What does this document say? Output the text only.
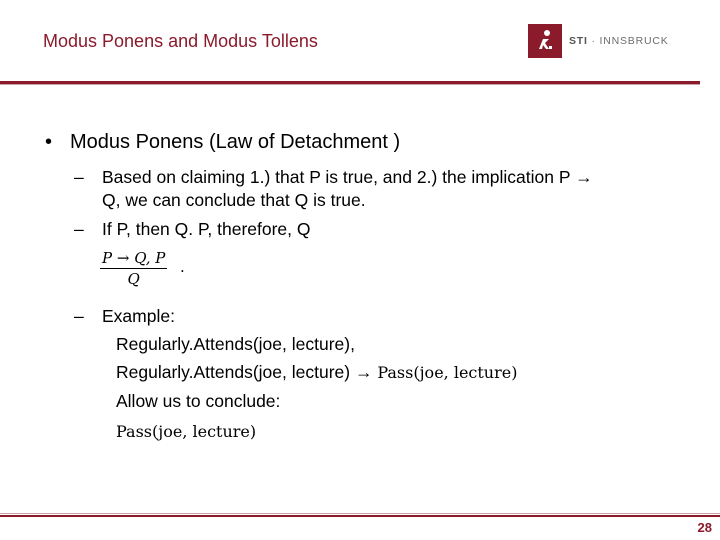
Modus Ponens and Modus Tollens	STI · INNSBRUCK
• Modus Ponens (Law of Detachment )
– Based on claiming 1.) that P is true, and 2.) the implication P →
Q, we can conclude that Q is true.
– If P, then Q. P, therefore, Q
P → Q, P
Q
.
– Example:
Regularly.Attends(joe, lecture),
Regularly.Attends(joe, lecture) → Pass(joe, lecture)
Allow us to conclude:
Pass(joe, lecture)
28
